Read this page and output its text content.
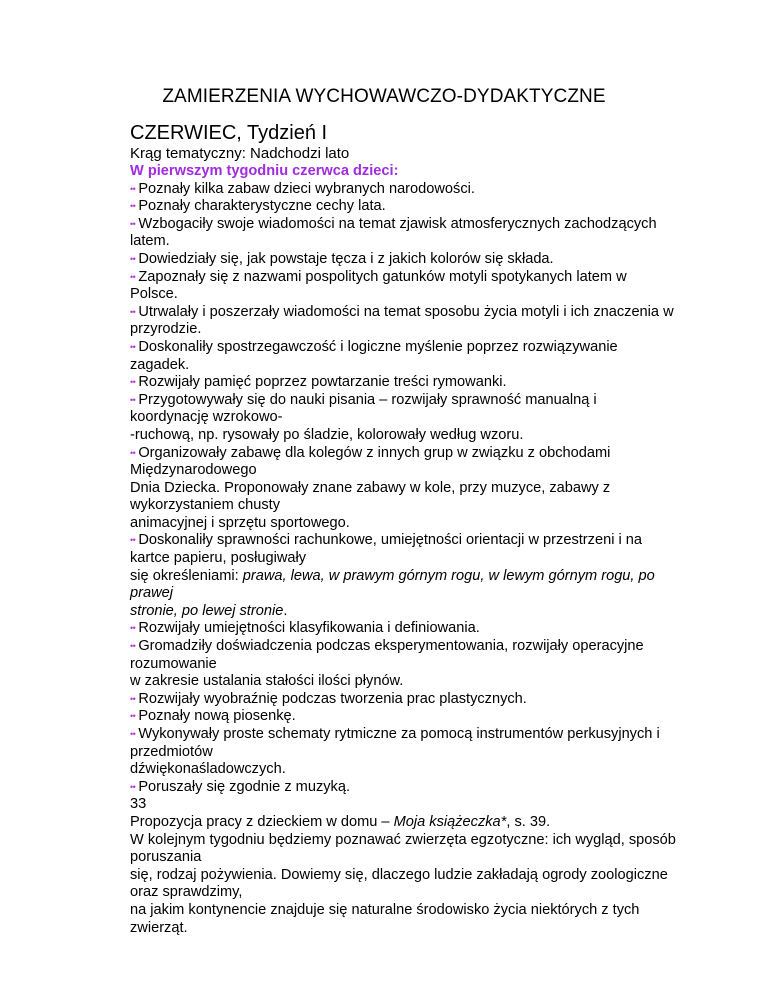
ZAMIERZENIA WYCHOWAWCZO-DYDAKTYCZNE
CZERWIEC, Tydzień I
Krąg tematyczny: Nadchodzi lato
W pierwszym tygodniu czerwca dzieci:
•• Poznały kilka zabaw dzieci wybranych narodowości.
•• Poznały charakterystyczne cechy lata.
•• Wzbogaciły swoje wiadomości na temat zjawisk atmosferycznych zachodzących
latem.
•• Dowiedziały się, jak powstaje tęcza i z jakich kolorów się składa.
•• Zapoznały się z nazwami pospolitych gatunków motyli spotykanych latem w
Polsce.
•• Utrwalały i poszerzały wiadomości na temat sposobu życia motyli i ich znaczenia w
przyrodzie.
•• Doskonaliły spostrzegawczość i logiczne myślenie poprzez rozwiązywanie
zagadek.
•• Rozwijały pamięć poprzez powtarzanie treści rymowanki.
•• Przygotowywały się do nauki pisania – rozwijały sprawność manualną i
koordynację wzrokowo-
-ruchową, np. rysowały po śladzie, kolorowały według wzoru.
•• Organizowały zabawę dla kolegów z innych grup w związku z obchodami
Międzynarodowego
Dnia Dziecka. Proponowały znane zabawy w kole, przy muzyce, zabawy z
wykorzystaniem chusty
animacyjnej i sprzętu sportowego.
•• Doskonaliły sprawności rachunkowe, umiejętności orientacji w przestrzeni i na
kartce papieru, posługiwały
się określeniami: prawa, lewa, w prawym górnym rogu, w lewym górnym rogu, po
prawej
stronie, po lewej stronie.
•• Rozwijały umiejętności klasyfikowania i definiowania.
•• Gromadziły doświadczenia podczas eksperymentowania, rozwijały operacyjne
rozumowanie
w zakresie ustalania stałości ilości płynów.
•• Rozwijały wyobraźnię podczas tworzenia prac plastycznych.
•• Poznały nową piosenkę.
•• Wykonywały proste schematy rytmiczne za pomocą instrumentów perkusyjnych i
przedmiotów
dźwiękonaśladowczych.
•• Poruszały się zgodnie z muzyką.
33
Propozycja pracy z dzieckiem w domu – Moja książeczka*, s. 39.
W kolejnym tygodniu będziemy poznawać zwierzęta egzotyczne: ich wygląd, sposób
poruszania
się, rodzaj pożywienia. Dowiemy się, dlaczego ludzie zakładają ogrody zoologiczne
oraz sprawdzimy,
na jakim kontynencie znajduje się naturalne środowisko życia niektórych z tych
zwierząt.
